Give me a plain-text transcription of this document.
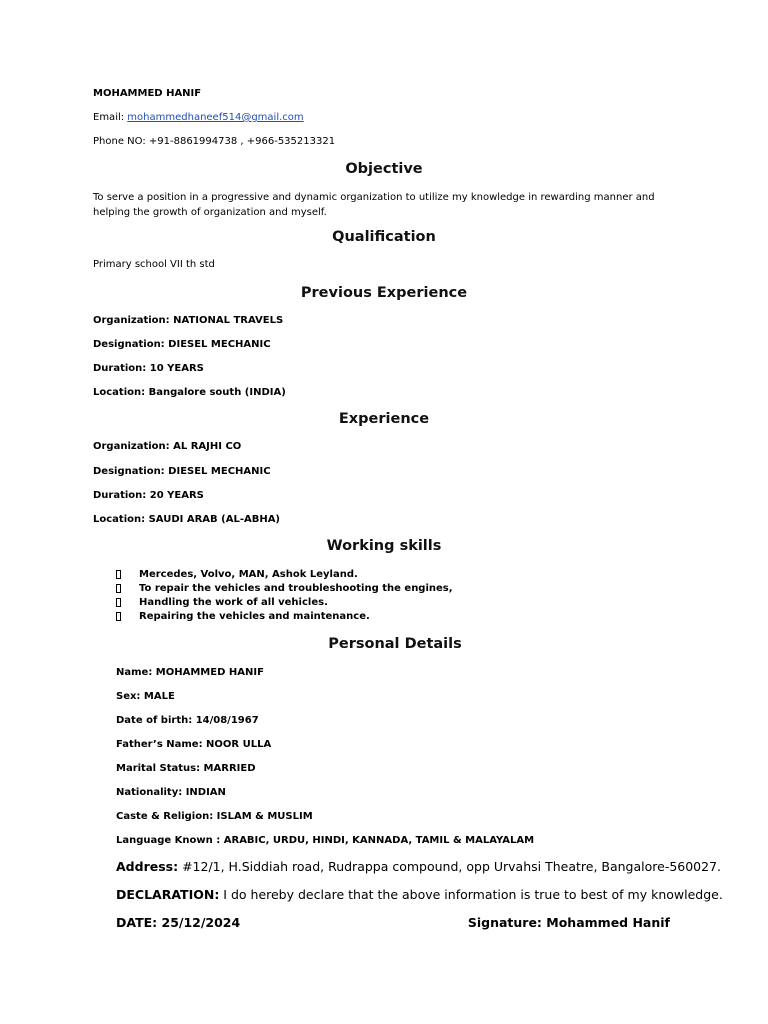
MOHAMMED HANIF
Email: mohammedhaneef514@gmail.com
Phone NO: +91-8861994738 , +966-535213321
Objective
To serve a position in a progressive and dynamic organization to utilize my knowledge in rewarding manner and helping the growth of organization and myself.
Qualification
Primary school VII th std
Previous Experience
Organization: NATIONAL TRAVELS
Designation: DIESEL MECHANIC
Duration: 10 YEARS
Location: Bangalore south (INDIA)
Experience
Organization: AL RAJHI CO
Designation: DIESEL MECHANIC
Duration: 20 YEARS
Location: SAUDI ARAB (AL-ABHA)
Working skills
Mercedes, Volvo, MAN, Ashok Leyland.
To repair the vehicles and troubleshooting the engines,
Handling the work of all vehicles.
Repairing the vehicles and maintenance.
Personal Details
Name: MOHAMMED HANIF
Sex: MALE
Date of birth: 14/08/1967
Father’s Name: NOOR ULLA
Marital Status: MARRIED
Nationality: INDIAN
Caste & Religion: ISLAM & MUSLIM
Language Known : ARABIC, URDU, HINDI, KANNADA, TAMIL & MALAYALAM
Address: #12/1, H.Siddiah road, Rudrappa compound, opp Urvahsi Theatre, Bangalore-560027.
DECLARATION: I do hereby declare that the above information is true to best of my knowledge.
DATE: 25/12/2024	Signature: Mohammed Hanif
